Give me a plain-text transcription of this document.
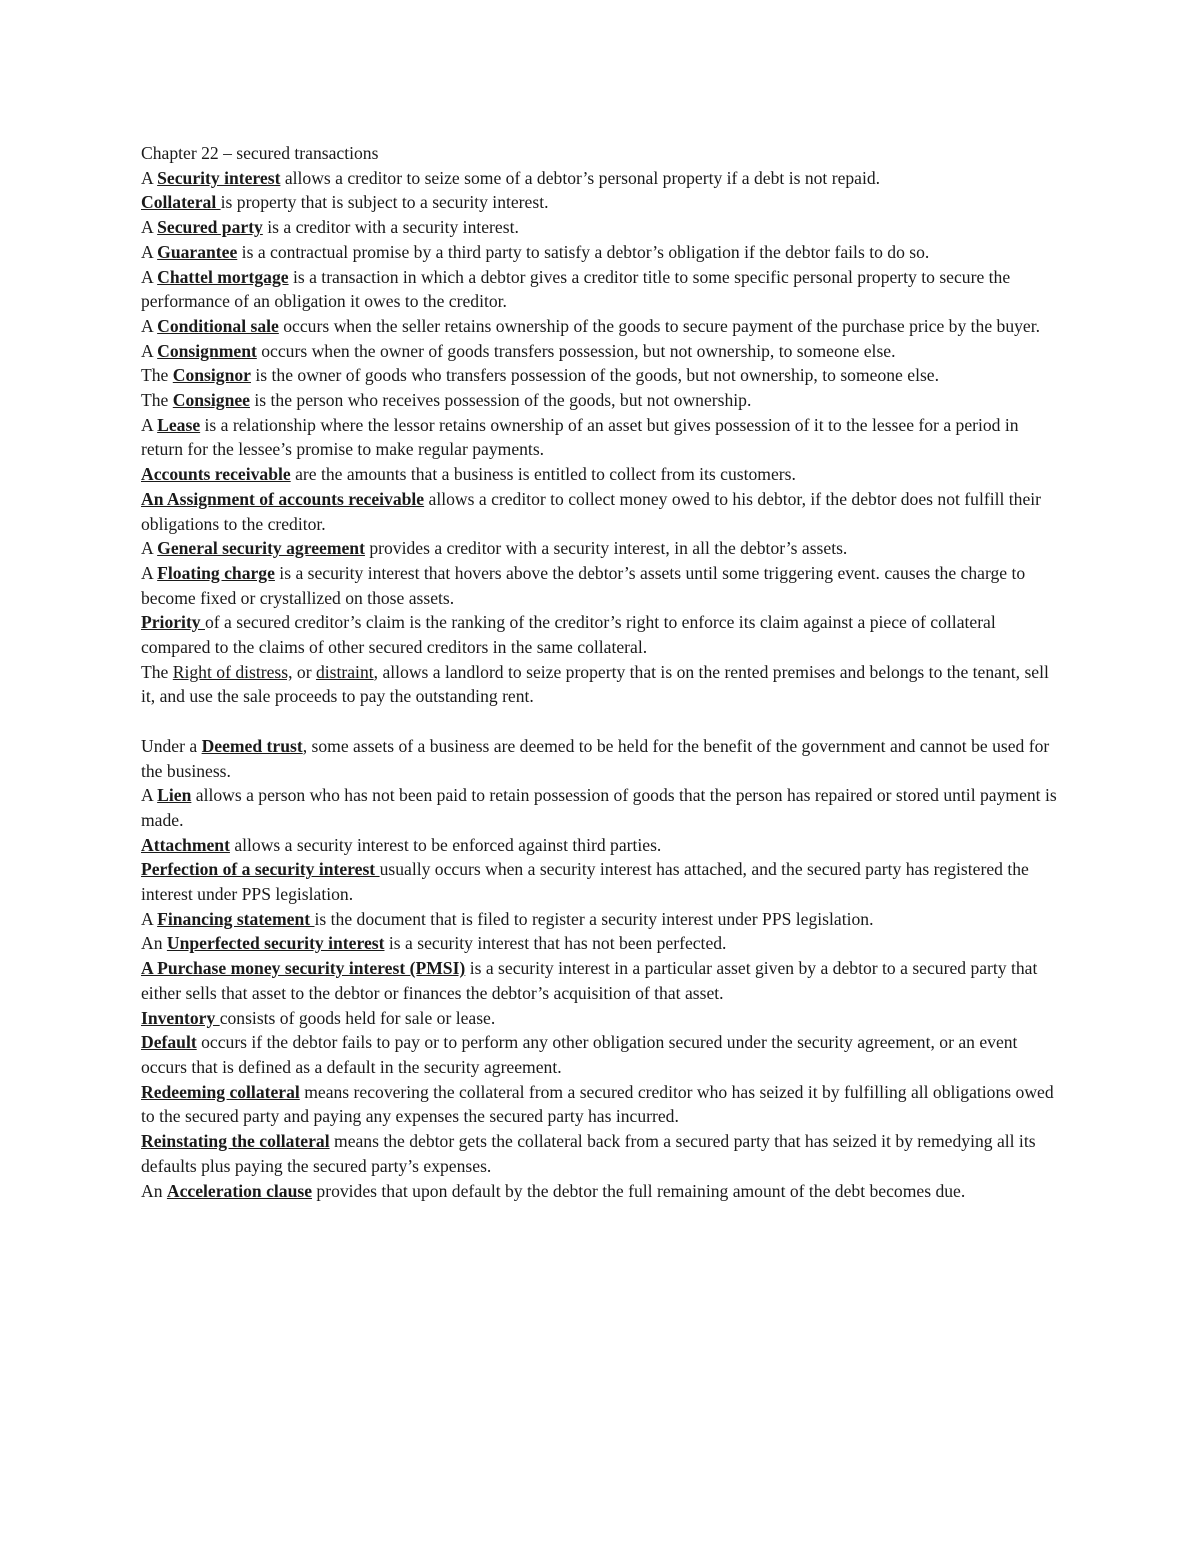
Chapter 22 – secured transactions

A Security interest allows a creditor to seize some of a debtor’s personal property if a debt is not repaid.

Collateral is property that is subject to a security interest.

A Secured party is a creditor with a security interest.

A Guarantee is a contractual promise by a third party to satisfy a debtor’s obligation if the debtor fails to do so.

A Chattel mortgage is a transaction in which a debtor gives a creditor title to some specific personal property to secure the performance of an obligation it owes to the creditor.

A Conditional sale occurs when the seller retains ownership of the goods to secure payment of the purchase price by the buyer.

A Consignment occurs when the owner of goods transfers possession, but not ownership, to someone else.

The Consignor is the owner of goods who transfers possession of the goods, but not ownership, to someone else.

The Consignee is the person who receives possession of the goods, but not ownership.

A Lease is a relationship where the lessor retains ownership of an asset but gives possession of it to the lessee for a period in return for the lessee’s promise to make regular payments.

Accounts receivable are the amounts that a business is entitled to collect from its customers.

An Assignment of accounts receivable allows a creditor to collect money owed to his debtor, if the debtor does not fulfill their obligations to the creditor.

A General security agreement provides a creditor with a security interest, in all the debtor’s assets.

A Floating charge is a security interest that hovers above the debtor’s assets until some triggering event. causes the charge to become fixed or crystallized on those assets.

Priority of a secured creditor’s claim is the ranking of the creditor’s right to enforce its claim against a piece of collateral compared to the claims of other secured creditors in the same collateral.

The Right of distress, or distraint, allows a landlord to seize property that is on the rented premises and belongs to the tenant, sell it, and use the sale proceeds to pay the outstanding rent.

Under a Deemed trust, some assets of a business are deemed to be held for the benefit of the government and cannot be used for the business.

A Lien allows a person who has not been paid to retain possession of goods that the person has repaired or stored until payment is made.

Attachment allows a security interest to be enforced against third parties.

Perfection of a security interest usually occurs when a security interest has attached, and the secured party has registered the interest under PPS legislation.

A Financing statement is the document that is filed to register a security interest under PPS legislation.

An Unperfected security interest is a security interest that has not been perfected.

A Purchase money security interest (PMSI) is a security interest in a particular asset given by a debtor to a secured party that either sells that asset to the debtor or finances the debtor’s acquisition of that asset.

Inventory consists of goods held for sale or lease.

Default occurs if the debtor fails to pay or to perform any other obligation secured under the security agreement, or an event occurs that is defined as a default in the security agreement.

Redeeming collateral means recovering the collateral from a secured creditor who has seized it by fulfilling all obligations owed to the secured party and paying any expenses the secured party has incurred.

Reinstating the collateral means the debtor gets the collateral back from a secured party that has seized it by remedying all its defaults plus paying the secured party’s expenses.

An Acceleration clause provides that upon default by the debtor the full remaining amount of the debt becomes due.
